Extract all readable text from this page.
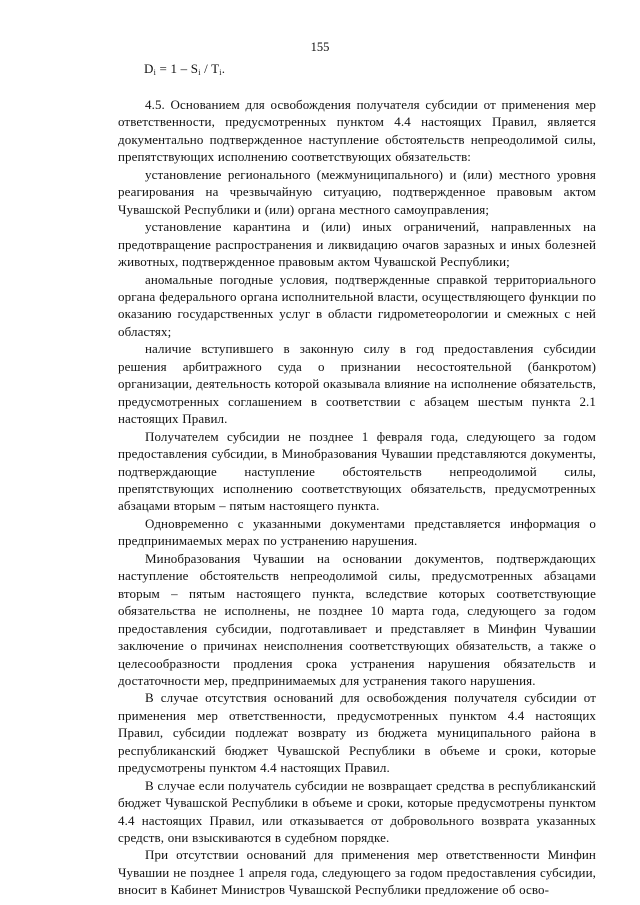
155
$D_i = 1 - S_i / T_i$.

4.5. Основанием для освобождения получателя субсидии от применения мер ответственности, предусмотренных пунктом 4.4 настоящих Правил, является документально подтвержденное наступление обстоятельств непреодолимой силы, препятствующих исполнению соответствующих обязательств:

установление регионального (межмуниципального) и (или) местного уровня реагирования на чрезвычайную ситуацию, подтвержденное правовым актом Чувашской Республики и (или) органа местного самоуправления;

установление карантина и (или) иных ограничений, направленных на предотвращение распространения и ликвидацию очагов заразных и иных болезней животных, подтвержденное правовым актом Чувашской Республики;

аномальные погодные условия, подтвержденные справкой территориального органа федерального органа исполнительной власти, осуществляющего функции по оказанию государственных услуг в области гидрометеорологии и смежных с ней областях;

наличие вступившего в законную силу в год предоставления субсидии решения арбитражного суда о признании несостоятельной (банкротом) организации, деятельность которой оказывала влияние на исполнение обязательств, предусмотренных соглашением в соответствии с абзацем шестым пункта 2.1 настоящих Правил.

Получателем субсидии не позднее 1 февраля года, следующего за годом предоставления субсидии, в Минобразования Чувашии представляются документы, подтверждающие наступление обстоятельств непреодолимой силы, препятствующих исполнению соответствующих обязательств, предусмотренных абзацами вторым – пятым настоящего пункта.

Одновременно с указанными документами представляется информация о предпринимаемых мерах по устранению нарушения.

Минобразования Чувашии на основании документов, подтверждающих наступление обстоятельств непреодолимой силы, предусмотренных абзацами вторым – пятым настоящего пункта, вследствие которых соответствующие обязательства не исполнены, не позднее 10 марта года, следующего за годом предоставления субсидии, подготавливает и представляет в Минфин Чувашии заключение о причинах неисполнения соответствующих обязательств, а также о целесообразности продления срока устранения нарушения обязательств и достаточности мер, предпринимаемых для устранения такого нарушения.

В случае отсутствия оснований для освобождения получателя субсидии от применения мер ответственности, предусмотренных пунктом 4.4 настоящих Правил, субсидии подлежат возврату из бюджета муниципального района в республиканский бюджет Чувашской Республики в объеме и сроки, которые предусмотрены пунктом 4.4 настоящих Правил.

В случае если получатель субсидии не возвращает средства в республиканский бюджет Чувашской Республики в объеме и сроки, которые предусмотрены пунктом 4.4 настоящих Правил, или отказывается от добровольного возврата указанных средств, они взыскиваются в судебном порядке.

При отсутствии оснований для применения мер ответственности Минфин Чувашии не позднее 1 апреля года, следующего за годом предоставления субсидии, вносит в Кабинет Министров Чувашской Республики предложение об осво-
